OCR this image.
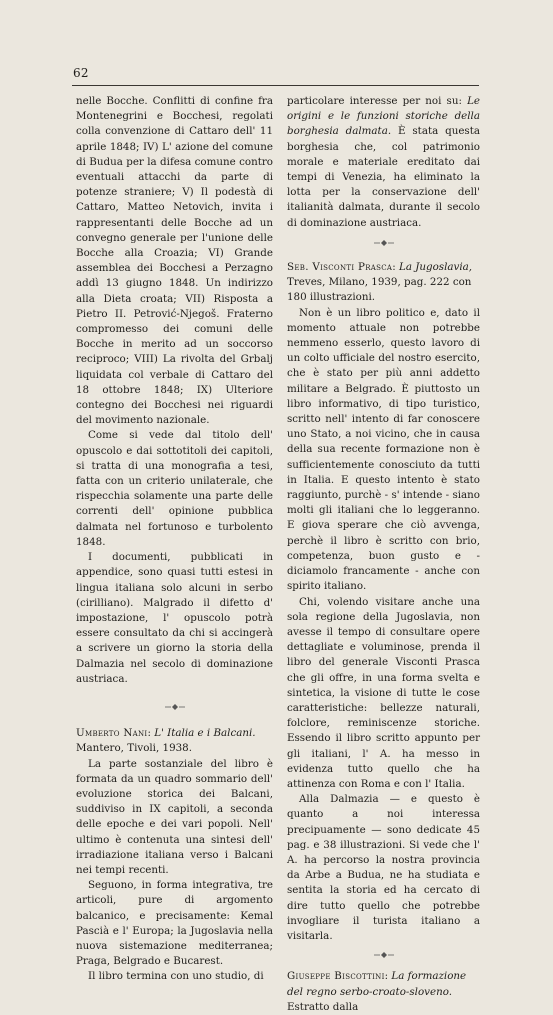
62

nelle Bocche. Conflitti di confine fra Montenegrini e Bocchesi, regolati colla convenzione di Cattaro dell' 11 aprile 1848; IV) L' azione del comune di Budua per la difesa comune contro eventuali attacchi da parte di potenze straniere; V) Il podestà di Cattaro, Matteo Netovich, invita i rappresentanti delle Bocche ad un convegno generale per l'unione delle Bocche alla Croazia; VI) Grande assemblea dei Bocchesi a Perzagno addì 13 giugno 1848. Un indirizzo alla Dieta croata; VII) Risposta a Pietro II. Petrović-Njegoš. Fraterno compromesso dei comuni delle Bocche in merito ad un soccorso reciproco; VIII) La rivolta del Grbalj liquidata col verbale di Cattaro del 18 ottobre 1848; IX) Ulteriore contegno dei Bocchesi nei riguardi del movimento nazionale.

Come si vede dal titolo dell' opuscolo e dai sottotitoli dei capitoli, si tratta di una monografia a tesi, fatta con un criterio unilaterale, che rispecchia solamente una parte delle correnti dell' opinione pubblica dalmata nel fortunoso e turbolento 1848.

I documenti, pubblicati in appendice, sono quasi tutti estesi in lingua italiana solo alcuni in serbo (cirilliano). Malgrado il difetto d' impostazione, l' opuscolo potrà essere consultato da chi si accingerà a scrivere un giorno la storia della Dalmazia nel secolo di dominazione austriaca.

Umberto Nani: L' Italia e i Balcani. Mantero, Tivoli, 1938.

La parte sostanziale del libro è formata da un quadro sommario dell' evoluzione storica dei Balcani, suddiviso in IX capitoli, a seconda delle epoche e dei vari popoli. Nell' ultimo è contenuta una sintesi dell' irradiazione italiana verso i Balcani nei tempi recenti.

Seguono, in forma integrativa, tre articoli, pure di argomento balcanico, e precisamente: Kemal Pascià e l' Europa; la Jugoslavia nella nuova sistemazione mediterranea; Praga, Belgrado e Bucarest.

Il libro termina con uno studio, di

particolare interesse per noi su: Le origini e le funzioni storiche della borghesia dalmata. È stata questa borghesia che, col patrimonio morale e materiale ereditato dai tempi di Venezia, ha eliminato la lotta per la conservazione dell' italianità dalmata, durante il secolo di dominazione austriaca.

Seb. Visconti Prasca: La Jugoslavia, Treves, Milano, 1939, pag. 222 con 180 illustrazioni.

Non è un libro politico e, dato il momento attuale non potrebbe nemmeno esserlo, questo lavoro di un colto ufficiale del nostro esercito, che è stato per più anni addetto militare a Belgrado. È piuttosto un libro informativo, di tipo turistico, scritto nell' intento di far conoscere uno Stato, a noi vicino, che in causa della sua recente formazione non è sufficientemente conosciuto da tutti in Italia. E questo intento è stato raggiunto, purchè - s' intende - siano molti gli italiani che lo leggeranno. E giova sperare che ciò avvenga, perchè il libro è scritto con brio, competenza, buon gusto e - diciamolo francamente - anche con spirito italiano.

Chi, volendo visitare anche una sola regione della Jugoslavia, non avesse il tempo di consultare opere dettagliate e voluminose, prenda il libro del generale Visconti Prasca che gli offre, in una forma svelta e sintetica, la visione di tutte le cose caratteristiche: bellezze naturali, folclore, reminiscenze storiche. Essendo il libro scritto appunto per gli italiani, l' A. ha messo in evidenza tutto quello che ha attinenza con Roma e con l' Italia.

Alla Dalmazia — e questo è quanto a noi interessa precipuamente — sono dedicate 45 pag. e 38 illustrazioni. Si vede che l' A. ha percorso la nostra provincia da Arbe a Budua, ne ha studiata e sentita la storia ed ha cercato di dire tutto quello che potrebbe invogliare il turista italiano a visitarla.

Giuseppe Biscottini: La formazione del regno serbo-croato-sloveno. Estratto dalla
